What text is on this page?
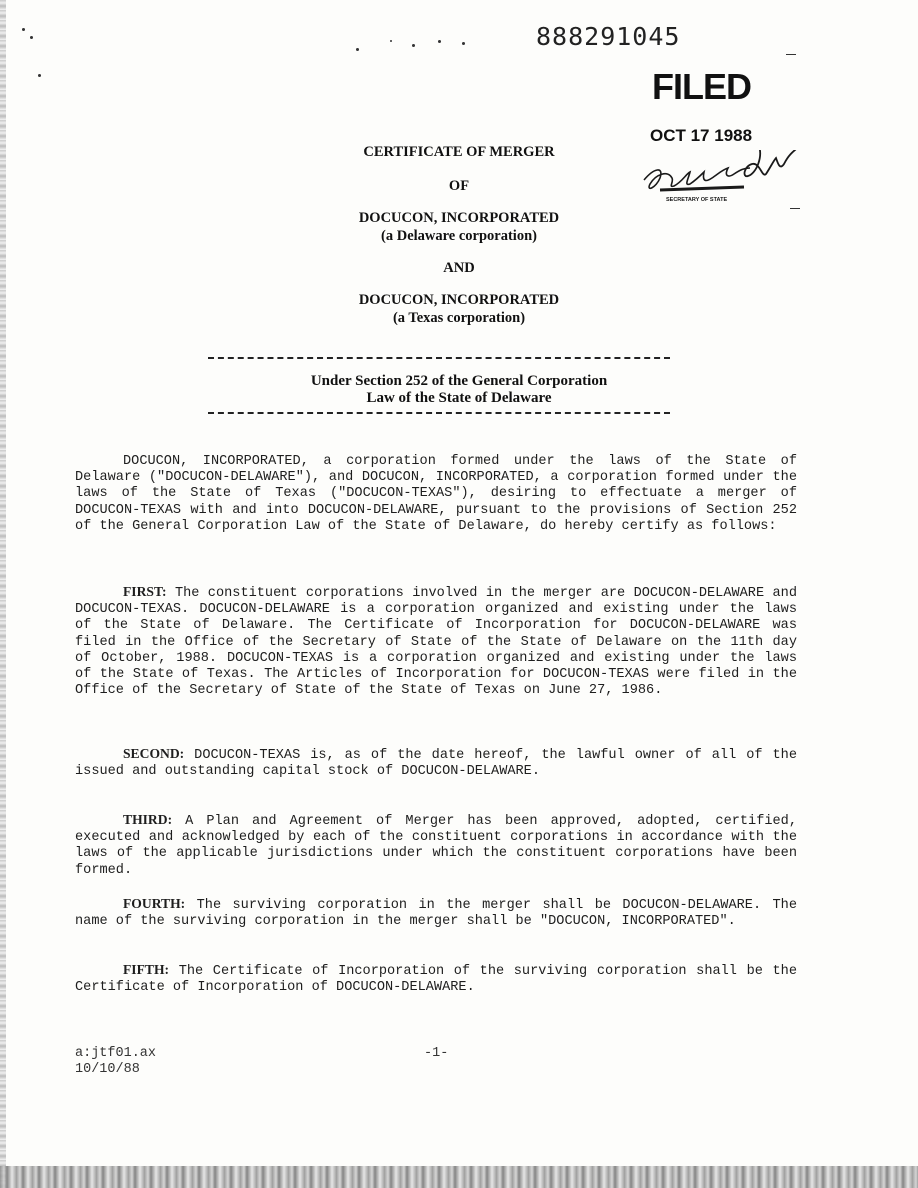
888291045
FILED
OCT 17 1988
SECRETARY OF STATE
CERTIFICATE OF MERGER
OF
DOCUCON, INCORPORATED
(a Delaware corporation)
AND
DOCUCON, INCORPORATED
(a Texas corporation)
Under Section 252 of the General Corporation
Law of the State of Delaware
DOCUCON, INCORPORATED, a corporation formed under the laws of the State of Delaware ("DOCUCON-DELAWARE"), and DOCUCON, INCORPORATED, a corporation formed under the laws of the State of Texas ("DOCUCON-TEXAS"), desiring to effectuate a merger of DOCUCON-TEXAS with and into DOCUCON-DELAWARE, pursuant to the provisions of Section 252 of the General Corporation Law of the State of Delaware, do hereby certify as follows:
FIRST: The constituent corporations involved in the merger are DOCUCON-DELAWARE and DOCUCON-TEXAS. DOCUCON-DELAWARE is a corporation organized and existing under the laws of the State of Delaware. The Certificate of Incorporation for DOCUCON-DELAWARE was filed in the Office of the Secretary of State of the State of Delaware on the 11th day of October, 1988. DOCUCON-TEXAS is a corporation organized and existing under the laws of the State of Texas. The Articles of Incorporation for DOCUCON-TEXAS were filed in the Office of the Secretary of State of the State of Texas on June 27, 1986.
SECOND: DOCUCON-TEXAS is, as of the date hereof, the lawful owner of all of the issued and outstanding capital stock of DOCUCON-DELAWARE.
THIRD: A Plan and Agreement of Merger has been approved, adopted, certified, executed and acknowledged by each of the constituent corporations in accordance with the laws of the applicable jurisdictions under which the constituent corporations have been formed.
FOURTH: The surviving corporation in the merger shall be DOCUCON-DELAWARE. The name of the surviving corporation in the merger shall be "DOCUCON, INCORPORATED".
FIFTH: The Certificate of Incorporation of the surviving corporation shall be the Certificate of Incorporation of DOCUCON-DELAWARE.
a:jtf01.ax
10/10/88
-1-
